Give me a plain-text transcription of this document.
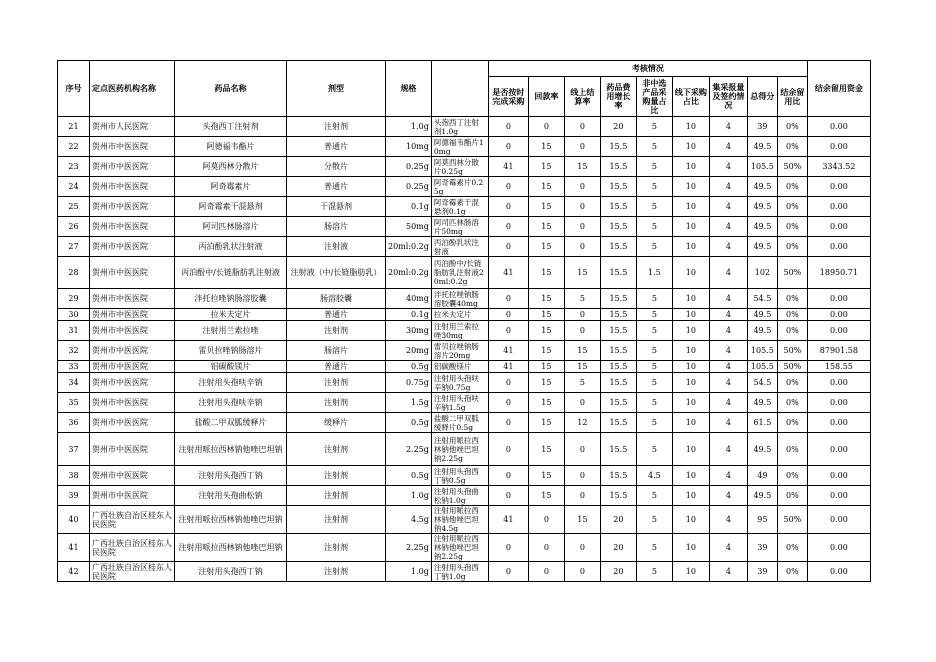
序号	定点医药机构名称	药品名称	剂型	规格		考核情况									结余留用资金
						是否按时完成采购	回款率	线上结算率	药品费用增长率	非中选产品采购量占比	线下采购占比	集采报量及签约情况	总得分	结余留用比	
21	贺州市人民医院	头孢西丁注射剂	注射剂	1.0g	头孢西丁注射剂1.0g	0	0	0	20	5	10	4	39	0%	0.00
22	贺州市中医医院	阿德福韦酯片	普通片	10mg	阿德福韦酯片10mg	0	15	0	15.5	5	10	4	49.5	0%	0.00
23	贺州市中医医院	阿莫西林分散片	分散片	0.25g	阿莫西林分散片0.25g	41	15	15	15.5	5	10	4	105.5	50%	3343.52
24	贺州市中医医院	阿奇霉素片	普通片	0.25g	阿奇霉素片0.25g	0	15	0	15.5	5	10	4	49.5	0%	0.00
25	贺州市中医医院	阿奇霉素干混悬剂	干混悬剂	0.1g	阿奇霉素干混悬剂0.1g	0	15	0	15.5	5	10	4	49.5	0%	0.00
26	贺州市中医医院	阿司匹林肠溶片	肠溶片	50mg	阿司匹林肠溶片50mg	0	15	0	15.5	5	10	4	49.5	0%	0.00
27	贺州市中医医院	丙泊酚乳状注射液	注射液	20ml:0.2g	丙泊酚乳状注射液	0	15	0	15.5	5	10	4	49.5	0%	0.00
28	贺州市中医医院	丙泊酚中/长链脂肪乳注射液	注射液（中/长链脂肪乳）	20ml:0.2g	丙泊酚中/长链脂肪乳注射液20ml:0.2g	41	15	15	15.5	1.5	10	4	102	50%	18950.71
29	贺州市中医医院	泮托拉唑钠肠溶胶囊	肠溶胶囊	40mg	泮托拉唑钠肠溶胶囊40mg	0	15	5	15.5	5	10	4	54.5	0%	0.00
30	贺州市中医医院	拉米夫定片	普通片	0.1g	拉米夫定片	0	15	0	15.5	5	10	4	49.5	0%	0.00
31	贺州市中医医院	注射用兰索拉唑	注射剂	30mg	注射用兰索拉唑30mg	0	15	0	15.5	5	10	4	49.5	0%	0.00
32	贺州市中医医院	雷贝拉唑钠肠溶片	肠溶片	20mg	雷贝拉唑钠肠溶片20mg	41	15	15	15.5	5	10	4	105.5	50%	87901.58
33	贺州市中医医院	铝碳酸镁片	普通片	0.5g	铝碳酸镁片	41	15	15	15.5	5	10	4	105.5	50%	158.55
34	贺州市中医医院	注射用头孢呋辛钠	注射剂	0.75g	注射用头孢呋辛钠0.75g	0	15	5	15.5	5	10	4	54.5	0%	0.00
35	贺州市中医医院	注射用头孢呋辛钠	注射剂	1.5g	注射用头孢呋辛钠1.5g	0	15	0	15.5	5	10	4	49.5	0%	0.00
36	贺州市中医医院	盐酸二甲双胍缓释片	缓释片	0.5g	盐酸二甲双胍缓释片0.5g	0	15	12	15.5	5	10	4	61.5	0%	0.00
37	贺州市中医医院	注射用哌拉西林钠他唑巴坦钠	注射剂	2.25g	注射用哌拉西林钠他唑巴坦钠2.25g	0	15	0	15.5	5	10	4	49.5	0%	0.00
38	贺州市中医医院	注射用头孢西丁钠	注射剂	0.5g	注射用头孢西丁钠0.5g	0	15	0	15.5	4.5	10	4	49	0%	0.00
39	贺州市中医医院	注射用头孢曲松钠	注射剂	1.0g	注射用头孢曲松钠1.0g	0	15	0	15.5	5	10	4	49.5	0%	0.00
40	广西壮族自治区桂东人民医院	注射用哌拉西林钠他唑巴坦钠	注射剂	4.5g	注射用哌拉西林钠他唑巴坦钠4.5g	41	0	15	20	5	10	4	95	50%	0.00
41	广西壮族自治区桂东人民医院	注射用哌拉西林钠他唑巴坦钠	注射剂	2.25g	注射用哌拉西林钠他唑巴坦钠2.25g	0	0	0	20	5	10	4	39	0%	0.00
42	广西壮族自治区桂东人民医院	注射用头孢西丁钠	注射剂	1.0g	注射用头孢西丁钠1.0g	0	0	0	20	5	10	4	39	0%	0.00
